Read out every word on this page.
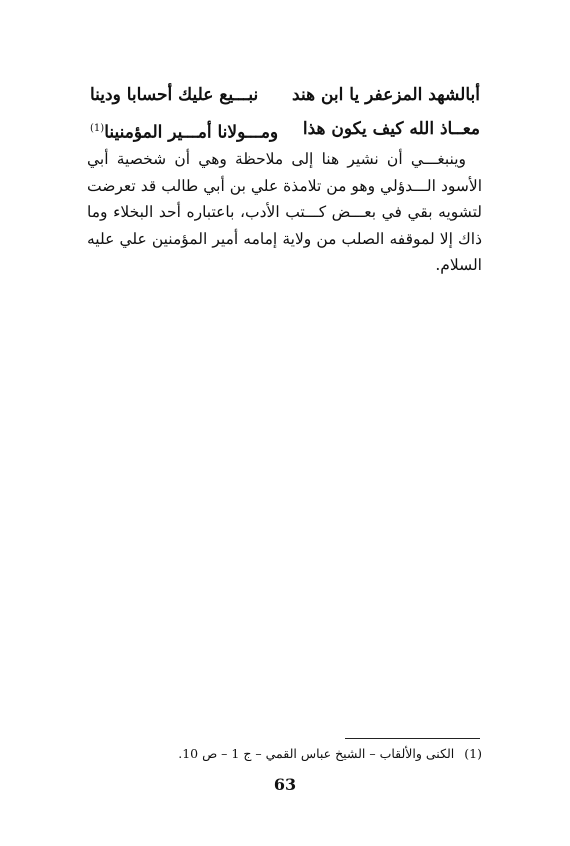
أبالشهد المزعفر يا ابن هند
نبـــيع عليك أحسابا ودينا
معــاذ الله كيف يكون هذا
ومـــولانا أمـــير المؤمنينا$^{(1)}$

وينبغـــي أن نشير هنا إلى ملاحظة وهي أن شخصية أبي الأسود الـــدؤلي وهو من تلامذة علي بن أبي طالب قد تعرضت لتشويه بقي في بعـــض كـــتب الأدب، باعتباره أحد البخلاء وما ذاك إلا لموقفه الصلب من ولاية إمامه أمير المؤمنين علي عليه السلام.

(1)الكنى والألقاب – الشيخ عباس القمي – ج 1 – ص 10.
63
